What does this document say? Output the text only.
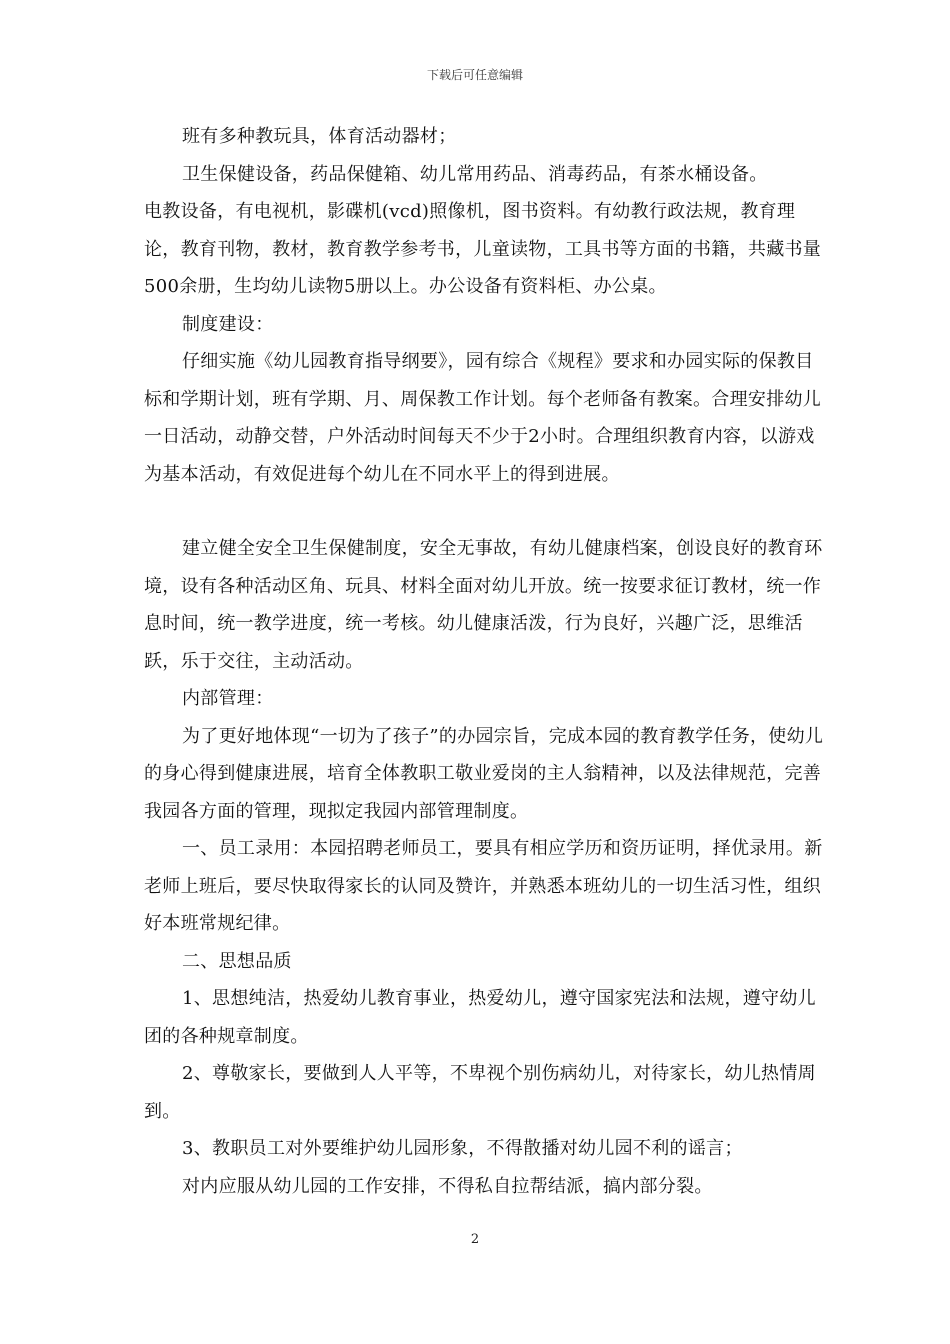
下载后可任意编辑

班有多种教玩具，体育活动器材；

卫生保健设备，药品保健箱、幼儿常用药品、消毒药品，有茶水桶设备。

电教设备，有电视机，影碟机(vcd)照像机，图书资料。有幼教行政法规，教育理论，教育刊物，教材，教育教学参考书，儿童读物，工具书等方面的书籍，共藏书量500余册，生均幼儿读物5册以上。办公设备有资料柜、办公桌。

制度建设：

仔细实施《幼儿园教育指导纲要》，园有综合《规程》要求和办园实际的保教目标和学期计划，班有学期、月、周保教工作计划。每个老师备有教案。合理安排幼儿一日活动，动静交替，户外活动时间每天不少于2小时。合理组织教育内容，以游戏为基本活动，有效促进每个幼儿在不同水平上的得到进展。

建立健全安全卫生保健制度，安全无事故，有幼儿健康档案，创设良好的教育环境，设有各种活动区角、玩具、材料全面对幼儿开放。统一按要求征订教材，统一作息时间，统一教学进度，统一考核。幼儿健康活泼，行为良好，兴趣广泛，思维活跃，乐于交往，主动活动。

内部管理：

为了更好地体现“一切为了孩子”的办园宗旨，完成本园的教育教学任务，使幼儿的身心得到健康进展，培育全体教职工敬业爱岗的主人翁精神，以及法律规范，完善我园各方面的管理，现拟定我园内部管理制度。

一、员工录用：本园招聘老师员工，要具有相应学历和资历证明，择优录用。新老师上班后，要尽快取得家长的认同及赞许，并熟悉本班幼儿的一切生活习性，组织好本班常规纪律。

二、思想品质

1、思想纯洁，热爱幼儿教育事业，热爱幼儿，遵守国家宪法和法规，遵守幼儿团的各种规章制度。

2、尊敬家长，要做到人人平等，不卑视个别伤病幼儿，对待家长，幼儿热情周到。

3、教职员工对外要维护幼儿园形象，不得散播对幼儿园不利的谣言；

对内应服从幼儿园的工作安排，不得私自拉帮结派，搞内部分裂。

2
